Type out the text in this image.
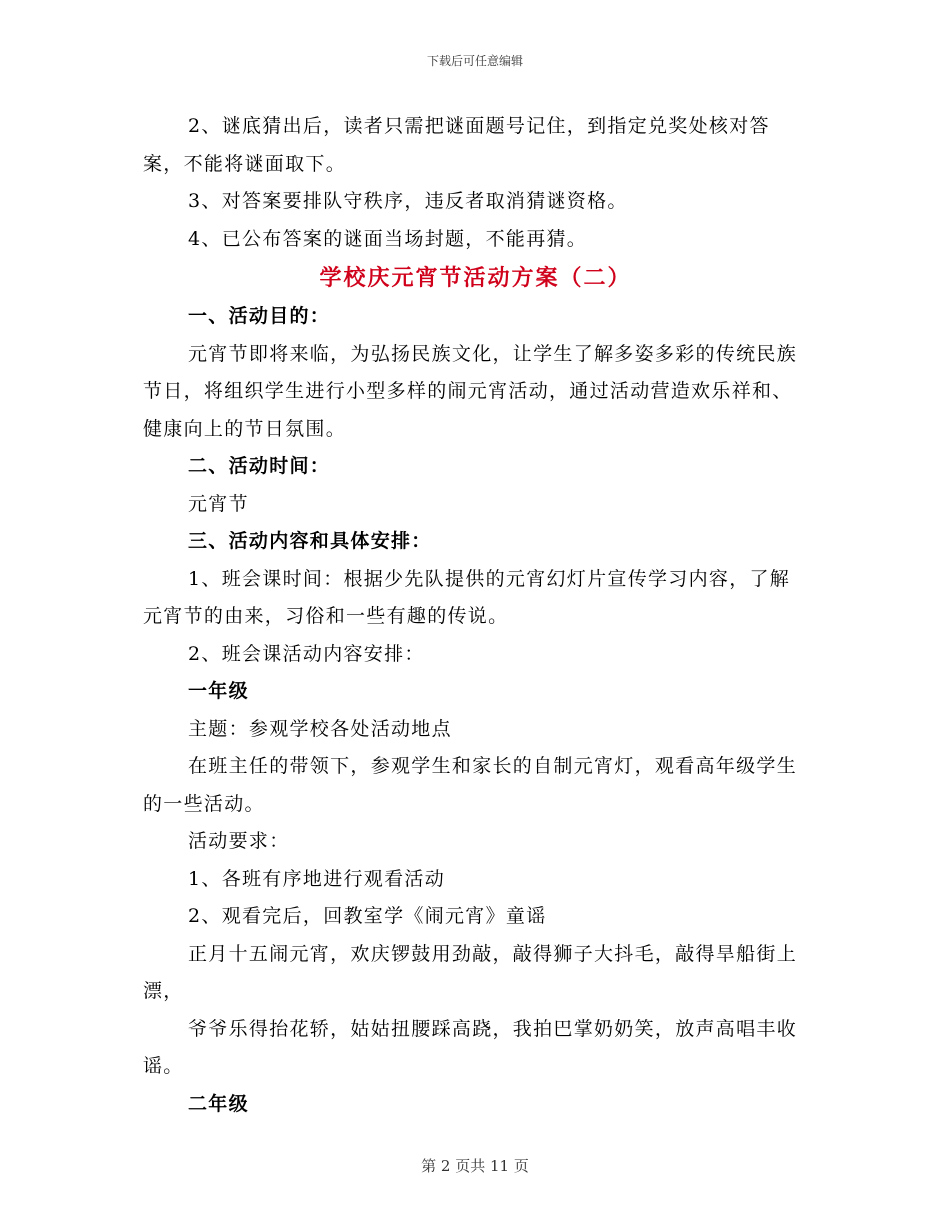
下载后可任意编辑

2、谜底猜出后，读者只需把谜面题号记住，到指定兑奖处核对答案，不能将谜面取下。

3、对答案要排队守秩序，违反者取消猜谜资格。

4、已公布答案的谜面当场封题，不能再猜。

学校庆元宵节活动方案（二）

一、活动目的：

元宵节即将来临，为弘扬民族文化，让学生了解多姿多彩的传统民族节日，将组织学生进行小型多样的闹元宵活动，通过活动营造欢乐祥和、健康向上的节日氛围。

二、活动时间：

元宵节

三、活动内容和具体安排：

1、班会课时间：根据少先队提供的元宵幻灯片宣传学习内容，了解元宵节的由来，习俗和一些有趣的传说。

2、班会课活动内容安排：

一年级

主题：参观学校各处活动地点

在班主任的带领下，参观学生和家长的自制元宵灯，观看高年级学生的一些活动。

活动要求：

1、各班有序地进行观看活动

2、观看完后，回教室学《闹元宵》童谣

正月十五闹元宵，欢庆锣鼓用劲敲，敲得狮子大抖毛，敲得旱船街上漂，

爷爷乐得抬花轿，姑姑扭腰踩高跷，我拍巴掌奶奶笑，放声高唱丰收谣。

二年级

第 2 页共 11 页
